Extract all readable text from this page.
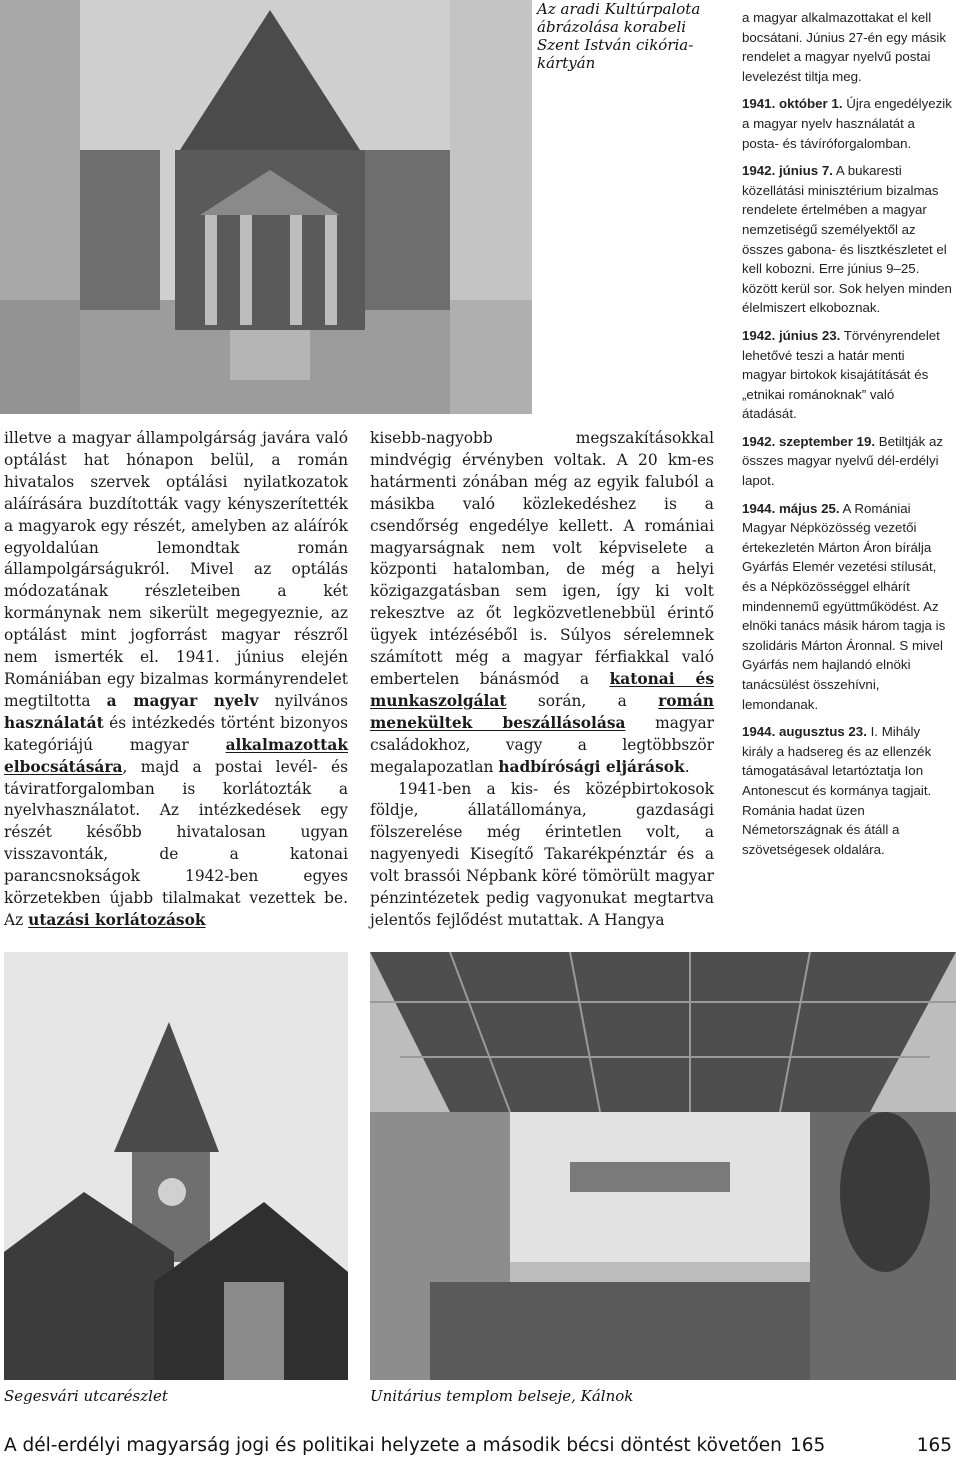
Az aradi Kultúrpalota
ábrázolása korabeli
Szent István cikória-
kártyán

illetve a magyar állampolgárság javára való optálást hat hónapon belül, a román hivatalos szervek optálási nyilatkozatok aláírására buzdították vagy kényszerítették a magyarok egy részét, amelyben az aláírók egyoldalúan lemondtak román állampolgárságukról. Mivel az optálás módozatának részleteiben a két kormánynak nem sikerült megegyeznie, az optálást mint jogforrást magyar részről nem ismerték el. 1941. június elején Romániában egy bizalmas kormányrendelet megtiltotta a magyar nyelv nyilvános használatát és intézkedés történt bizonyos kategóriájú magyar alkalmazottak elbocsátására, majd a postai levél- és táviratforgalomban is korlátozták a nyelvhasználatot. Az intézkedések egy részét később hivatalosan ugyan visszavonták, de a katonai parancsnokságok 1942-ben egyes körzetekben újabb tilalmakat vezettek be. Az utazási korlátozások

kisebb-nagyobb megszakításokkal mindvégig érvényben voltak. A 20 km-es határmenti zónában még az egyik faluból a másikba való közlekedéshez is a csendőrség engedélye kellett. A romániai magyarságnak nem volt képviselete a központi hatalomban, de még a helyi közigazgatásban sem igen, így ki volt rekesztve az őt legközvetlenebbül érintő ügyek intézéséből is. Súlyos sérelemnek számított még a magyar férfiakkal való embertelen bánásmód a katonai és munkaszolgálat során, a román menekültek beszállásolása magyar családokhoz, vagy a legtöbbször megalapozatlan hadbírósági eljárások.

1941-ben a kis- és középbirtokosok földje, állatállománya, gazdasági fölszerelése még érintetlen volt, a nagyenyedi Kisegítő Takarékpénztár és a volt brassói Népbank köré tömörült magyar pénzintézetek pedig vagyonukat megtartva jelentős fejlődést mutattak. A Hangya

a magyar alkalmazottakat el kell bocsátani. Június 27-én egy másik rendelet a magyar nyelvű postai levelezést tiltja meg.
1941. október 1. Újra engedélyezik a magyar nyelv használatát a posta- és távíróforgalomban.
1942. június 7. A bukaresti közellátási minisztérium bizalmas rendelete értelmében a magyar nemzetiségű személyektől az összes gabona- és lisztkészletet el kell kobozni. Erre június 9–25. között kerül sor. Sok helyen minden élelmiszert elkoboznak.
1942. június 23. Törvényrendelet lehetővé teszi a határ menti magyar birtokok kisajátítását és „etnikai románoknak” való átadását.
1942. szeptember 19. Betiltják az összes magyar nyelvű dél-erdélyi lapot.
1944. május 25. A Romániai Magyar Népközösség vezetői értekezletén Márton Áron bírálja Gyárfás Elemér vezetési stílusát, és a Népközösséggel elhárít mindennemű együttműködést. Az elnöki tanács másik három tagja is szolidáris Márton Áronnal. S mivel Gyárfás nem hajlandó elnöki tanácsülést összehívni, lemondanak.
1944. augusztus 23. I. Mihály király a hadsereg és az ellenzék támogatásával letartóztatja Ion Antonescut és kormánya tagjait. Románia hadat üzen Németországnak és átáll a szövetségesek oldalára.
Segesvári utcarészlet	Unitárius templom belseje, Kálnok
A dél-erdélyi magyarság jogi és politikai helyzete a második bécsi döntést követően 165	165
